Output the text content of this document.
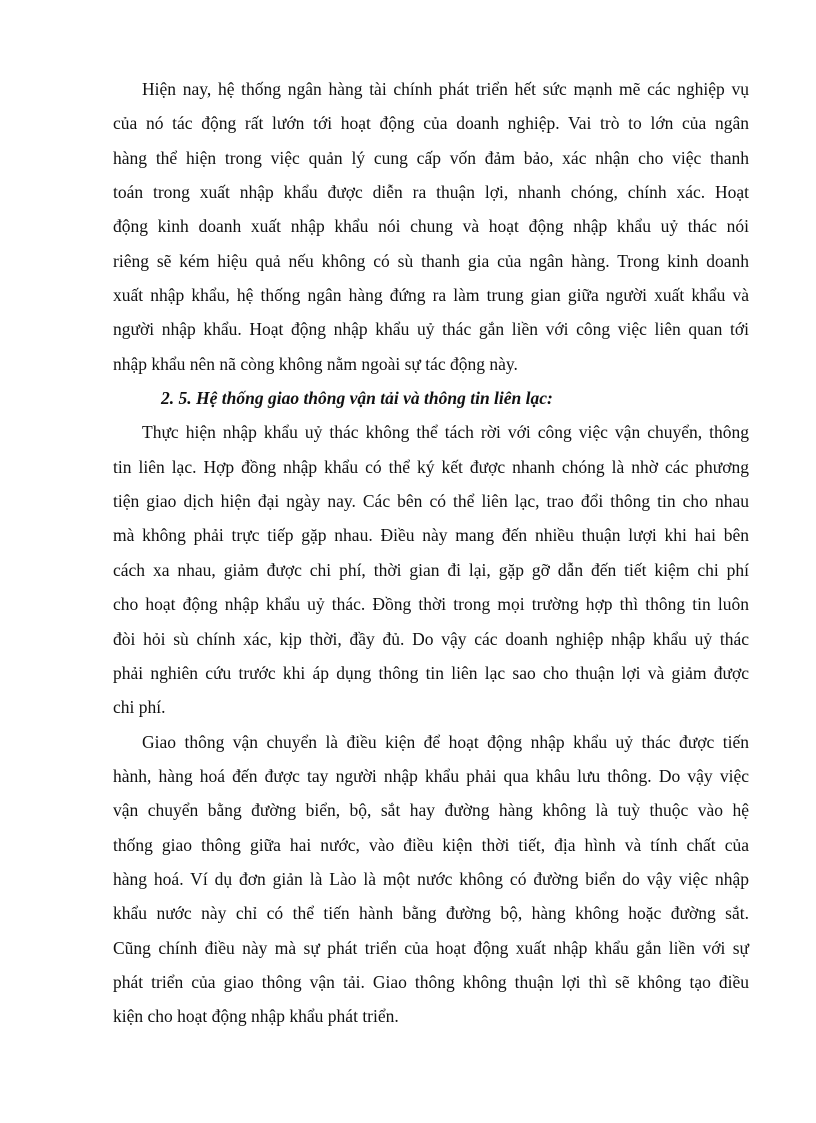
Hiện nay, hệ thống ngân hàng tài chính phát triển hết sức mạnh mẽ các nghiệp vụ
của nó tác động rất lướn tới hoạt động của doanh nghiệp. Vai trò to lớn của ngân
hàng thể hiện trong việc quản lý cung cấp vốn đảm bảo, xác nhận cho việc thanh
toán trong xuất nhập khẩu được diễn ra thuận lợi, nhanh chóng, chính xác. Hoạt
động kinh doanh xuất nhập khẩu nói chung và hoạt động nhập khẩu uỷ thác nói
riêng sẽ kém hiệu quả nếu không có sù thanh gia của ngân hàng. Trong kinh doanh
xuất nhập khẩu, hệ thống ngân hàng đứng ra làm trung gian giữa người xuất khẩu và
người nhập khẩu. Hoạt động nhập khẩu uỷ thác gắn liền với công việc liên quan tới
nhập khẩu nên nã còng không nằm ngoài sự tác động này.
2. 5. Hệ thống giao thông vận tải và thông tin liên lạc:
Thực hiện nhập khẩu uỷ thác không thể tách rời với công việc vận chuyển, thông
tin liên lạc. Hợp đồng nhập khẩu có thể ký kết được nhanh chóng là nhờ các phương
tiện giao dịch hiện đại ngày nay. Các bên có thể liên lạc, trao đổi thông tin cho nhau
mà không phải trực tiếp gặp nhau. Điều này mang đến nhiều thuận lượi khi hai bên
cách xa nhau, giảm được chi phí, thời gian đi lại, gặp gỡ dẫn đến tiết kiệm chi phí
cho hoạt động nhập khẩu uỷ thác. Đồng thời trong mọi trường hợp thì thông tin luôn
đòi hỏi sù chính xác, kịp thời, đầy đủ. Do vậy các doanh nghiệp nhập khẩu uỷ thác
phải nghiên cứu trước khi áp dụng thông tin liên lạc sao cho thuận lợi và giảm được
chi phí.
Giao thông vận chuyển là điều kiện để hoạt động nhập khẩu uỷ thác được tiến
hành, hàng hoá đến được tay người nhập khẩu phải qua khâu lưu thông. Do vậy việc
vận chuyển bằng đường biển, bộ, sắt hay đường hàng không là tuỳ thuộc vào hệ
thống giao thông giữa hai nước, vào điều kiện thời tiết, địa hình và tính chất của
hàng hoá. Ví dụ đơn giản là Lào là một nước không có đường biển do vậy việc nhập
khẩu nước này chỉ có thể tiến hành bằng đường bộ, hàng không hoặc đường sắt.
Cũng chính điều này mà sự phát triển của hoạt động xuất nhập khẩu gắn liền với sự
phát triển của giao thông vận tải. Giao thông không thuận lợi thì sẽ không tạo điều
kiện cho hoạt động nhập khẩu phát triển.
